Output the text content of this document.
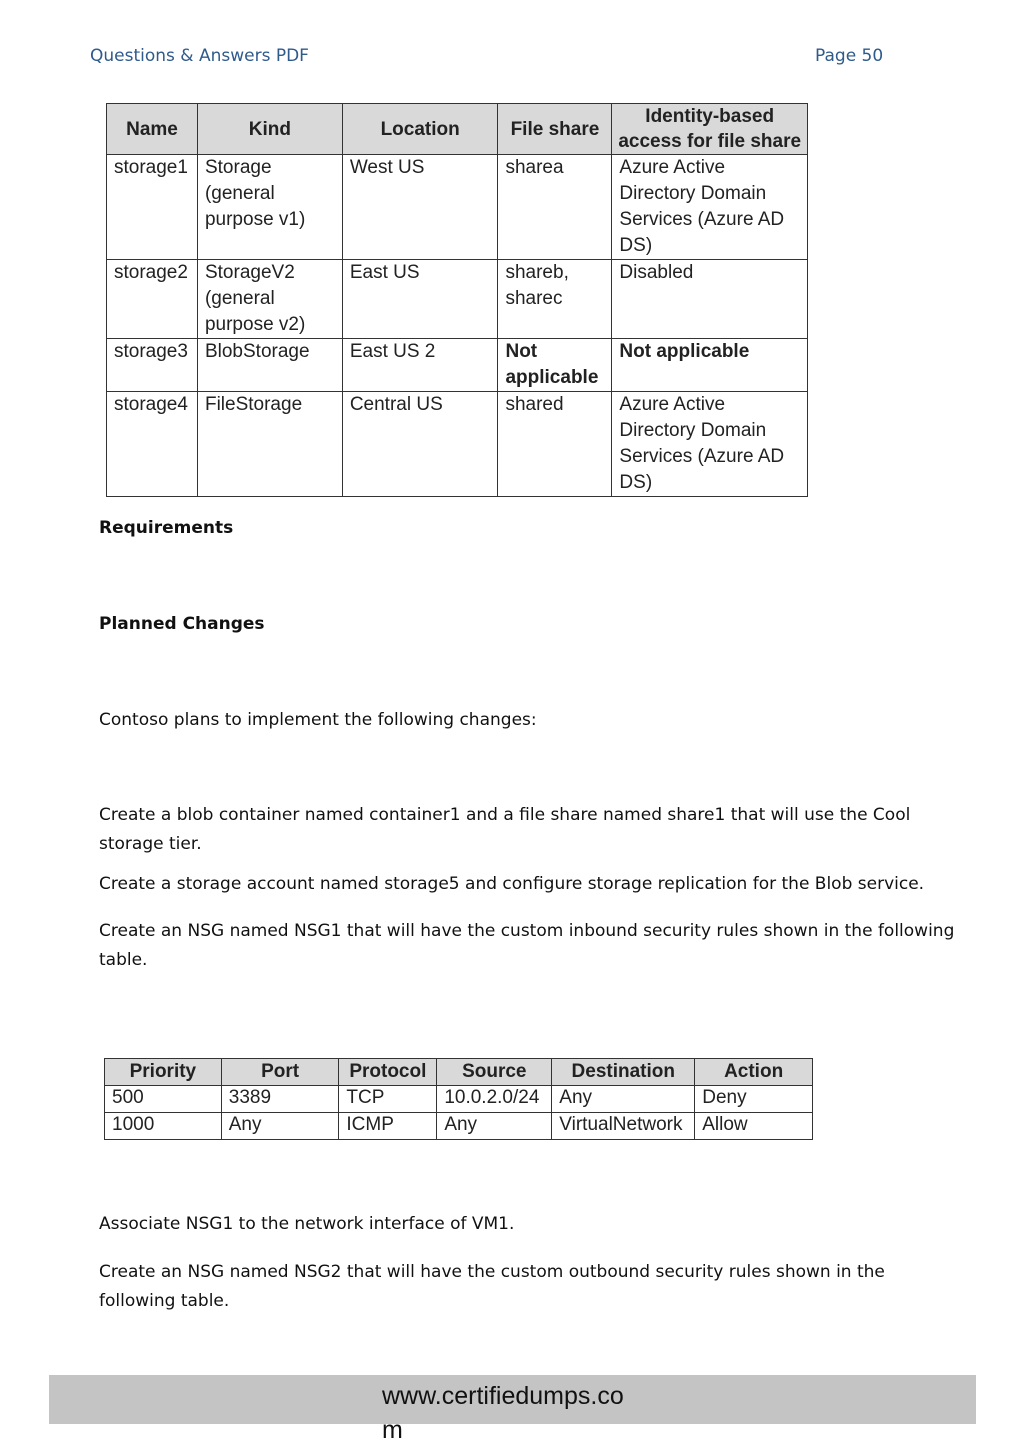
Questions & Answers PDF	Page 50
Name	Kind	Location	File share	Identity-based access for file share
storage1	Storage (general purpose v1)	West US	sharea	Azure Active Directory Domain Services (Azure AD DS)
storage2	StorageV2 (general purpose v2)	East US	shareb, sharec	Disabled
storage3	BlobStorage	East US 2	Not applicable	Not applicable
storage4	FileStorage	Central US	shared	Azure Active Directory Domain Services (Azure AD DS)
Requirements
Planned Changes
Contoso plans to implement the following changes:
Create a blob container named container1 and a file share named share1 that will use the Cool storage tier.
Create a storage account named storage5 and configure storage replication for the Blob service.
Create an NSG named NSG1 that will have the custom inbound security rules shown in the following table.
Priority	Port	Protocol	Source	Destination	Action
500	3389	TCP	10.0.2.0/24	Any	Deny
1000	Any	ICMP	Any	VirtualNetwork	Allow
Associate NSG1 to the network interface of VM1.
Create an NSG named NSG2 that will have the custom outbound security rules shown in the following table.
www.certifiedumps.com
